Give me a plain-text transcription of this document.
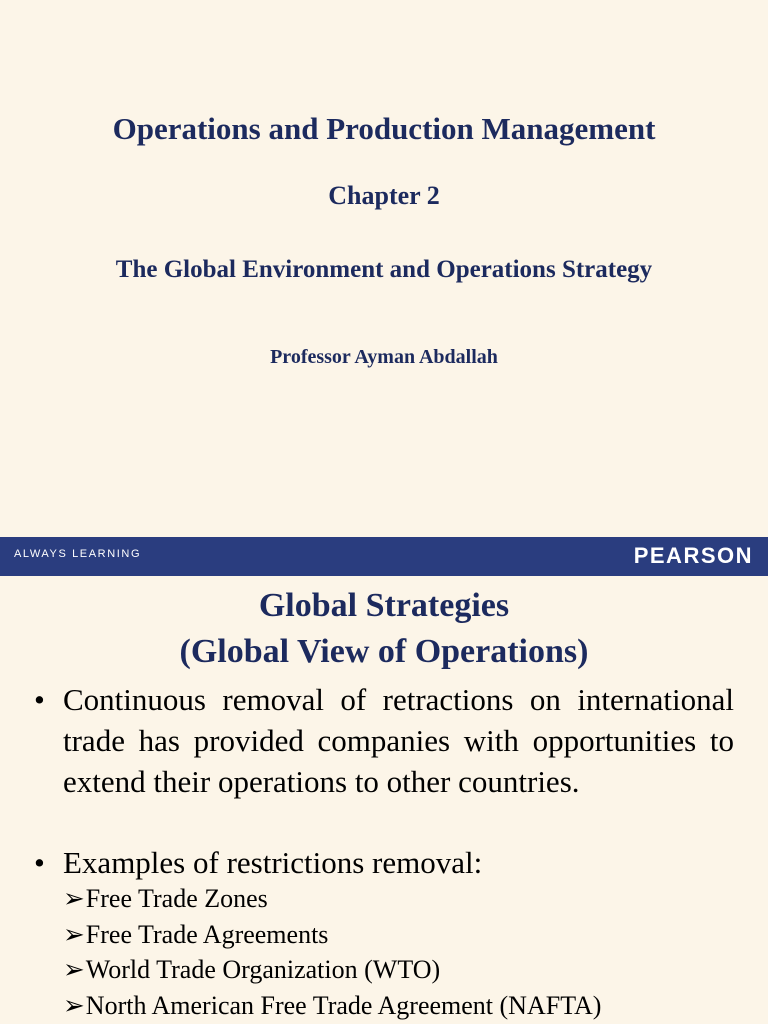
Operations and Production Management
Chapter 2
The Global Environment and Operations Strategy
Professor Ayman Abdallah
ALWAYS LEARNING	PEARSON
Global Strategies
(Global View of Operations)
• Continuous removal of retractions on international trade has provided companies with opportunities to extend their operations to other countries.
• Examples of restrictions removal:
➢Free Trade Zones
➢Free Trade Agreements
➢World Trade Organization (WTO)
➢North American Free Trade Agreement (NAFTA)
